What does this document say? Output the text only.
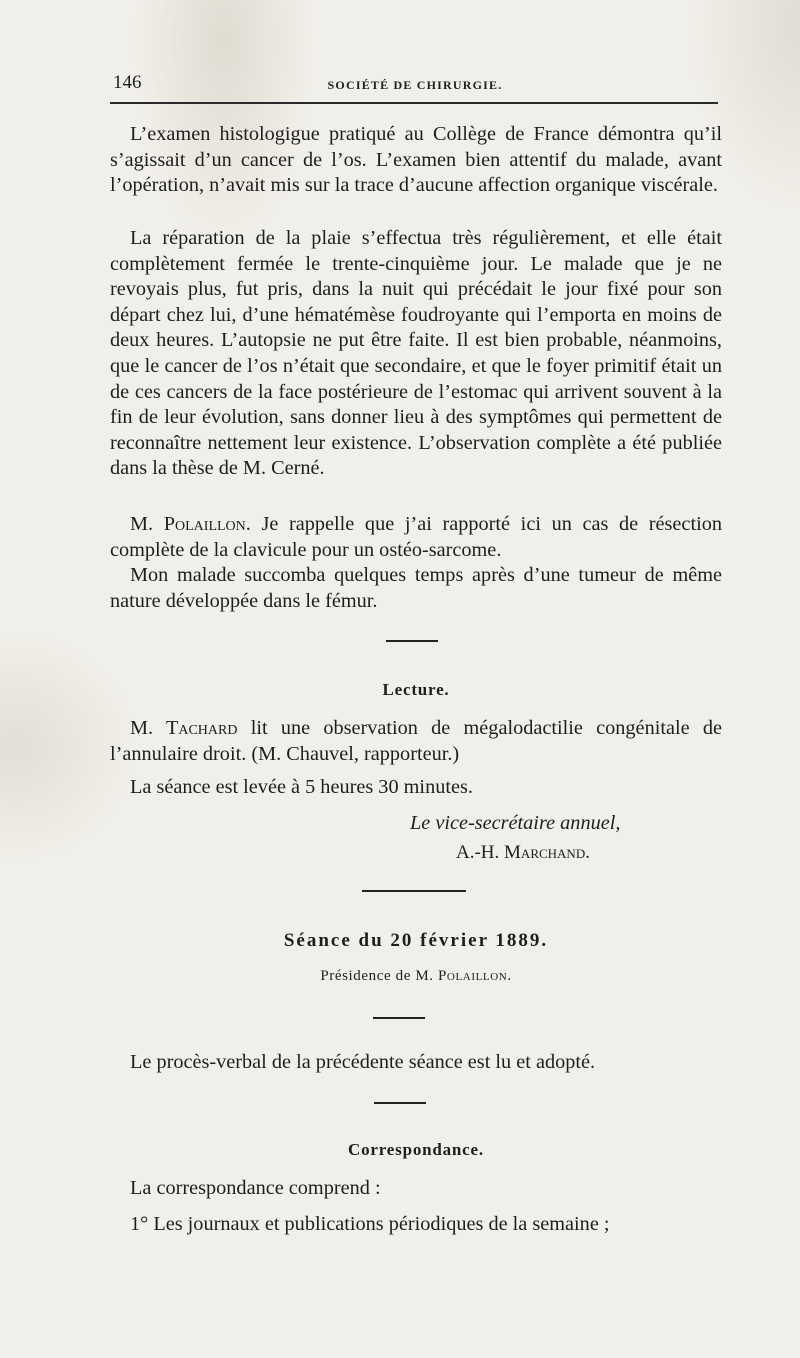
146	SOCIÉTÉ DE CHIRURGIE.

L’examen histologigue pratiqué au Collège de France démontra qu’il s’agissait d’un cancer de l’os. L’examen bien attentif du malade, avant l’opération, n’avait mis sur la trace d’aucune affection organique viscérale.

La réparation de la plaie s’effectua très régulièrement, et elle était complètement fermée le trente-cinquième jour. Le malade que je ne revoyais plus, fut pris, dans la nuit qui précédait le jour fixé pour son départ chez lui, d’une hématémèse foudroyante qui l’emporta en moins de deux heures. L’autopsie ne put être faite. Il est bien probable, néanmoins, que le cancer de l’os n’était que secondaire, et que le foyer primitif était un de ces cancers de la face postérieure de l’estomac qui arrivent souvent à la fin de leur évolution, sans donner lieu à des symptômes qui permettent de reconnaître nettement leur existence. L’observation complète a été publiée dans la thèse de M. Cerné.

M. Polaillon. Je rappelle que j’ai rapporté ici un cas de résection complète de la clavicule pour un ostéo-sarcome.

Mon malade succomba quelques temps après d’une tumeur de même nature développée dans le fémur.

Lecture.

M. Tachard lit une observation de mégalodactilie congénitale de l’annulaire droit. (M. Chauvel, rapporteur.)

La séance est levée à 5 heures 30 minutes.

Le vice-secrétaire annuel,
A.-H. Marchand.
Séance du 20 février 1889.
Présidence de M. Polaillon.

Le procès-verbal de la précédente séance est lu et adopté.

Correspondance.

La correspondance comprend :

1° Les journaux et publications périodiques de la semaine ;
